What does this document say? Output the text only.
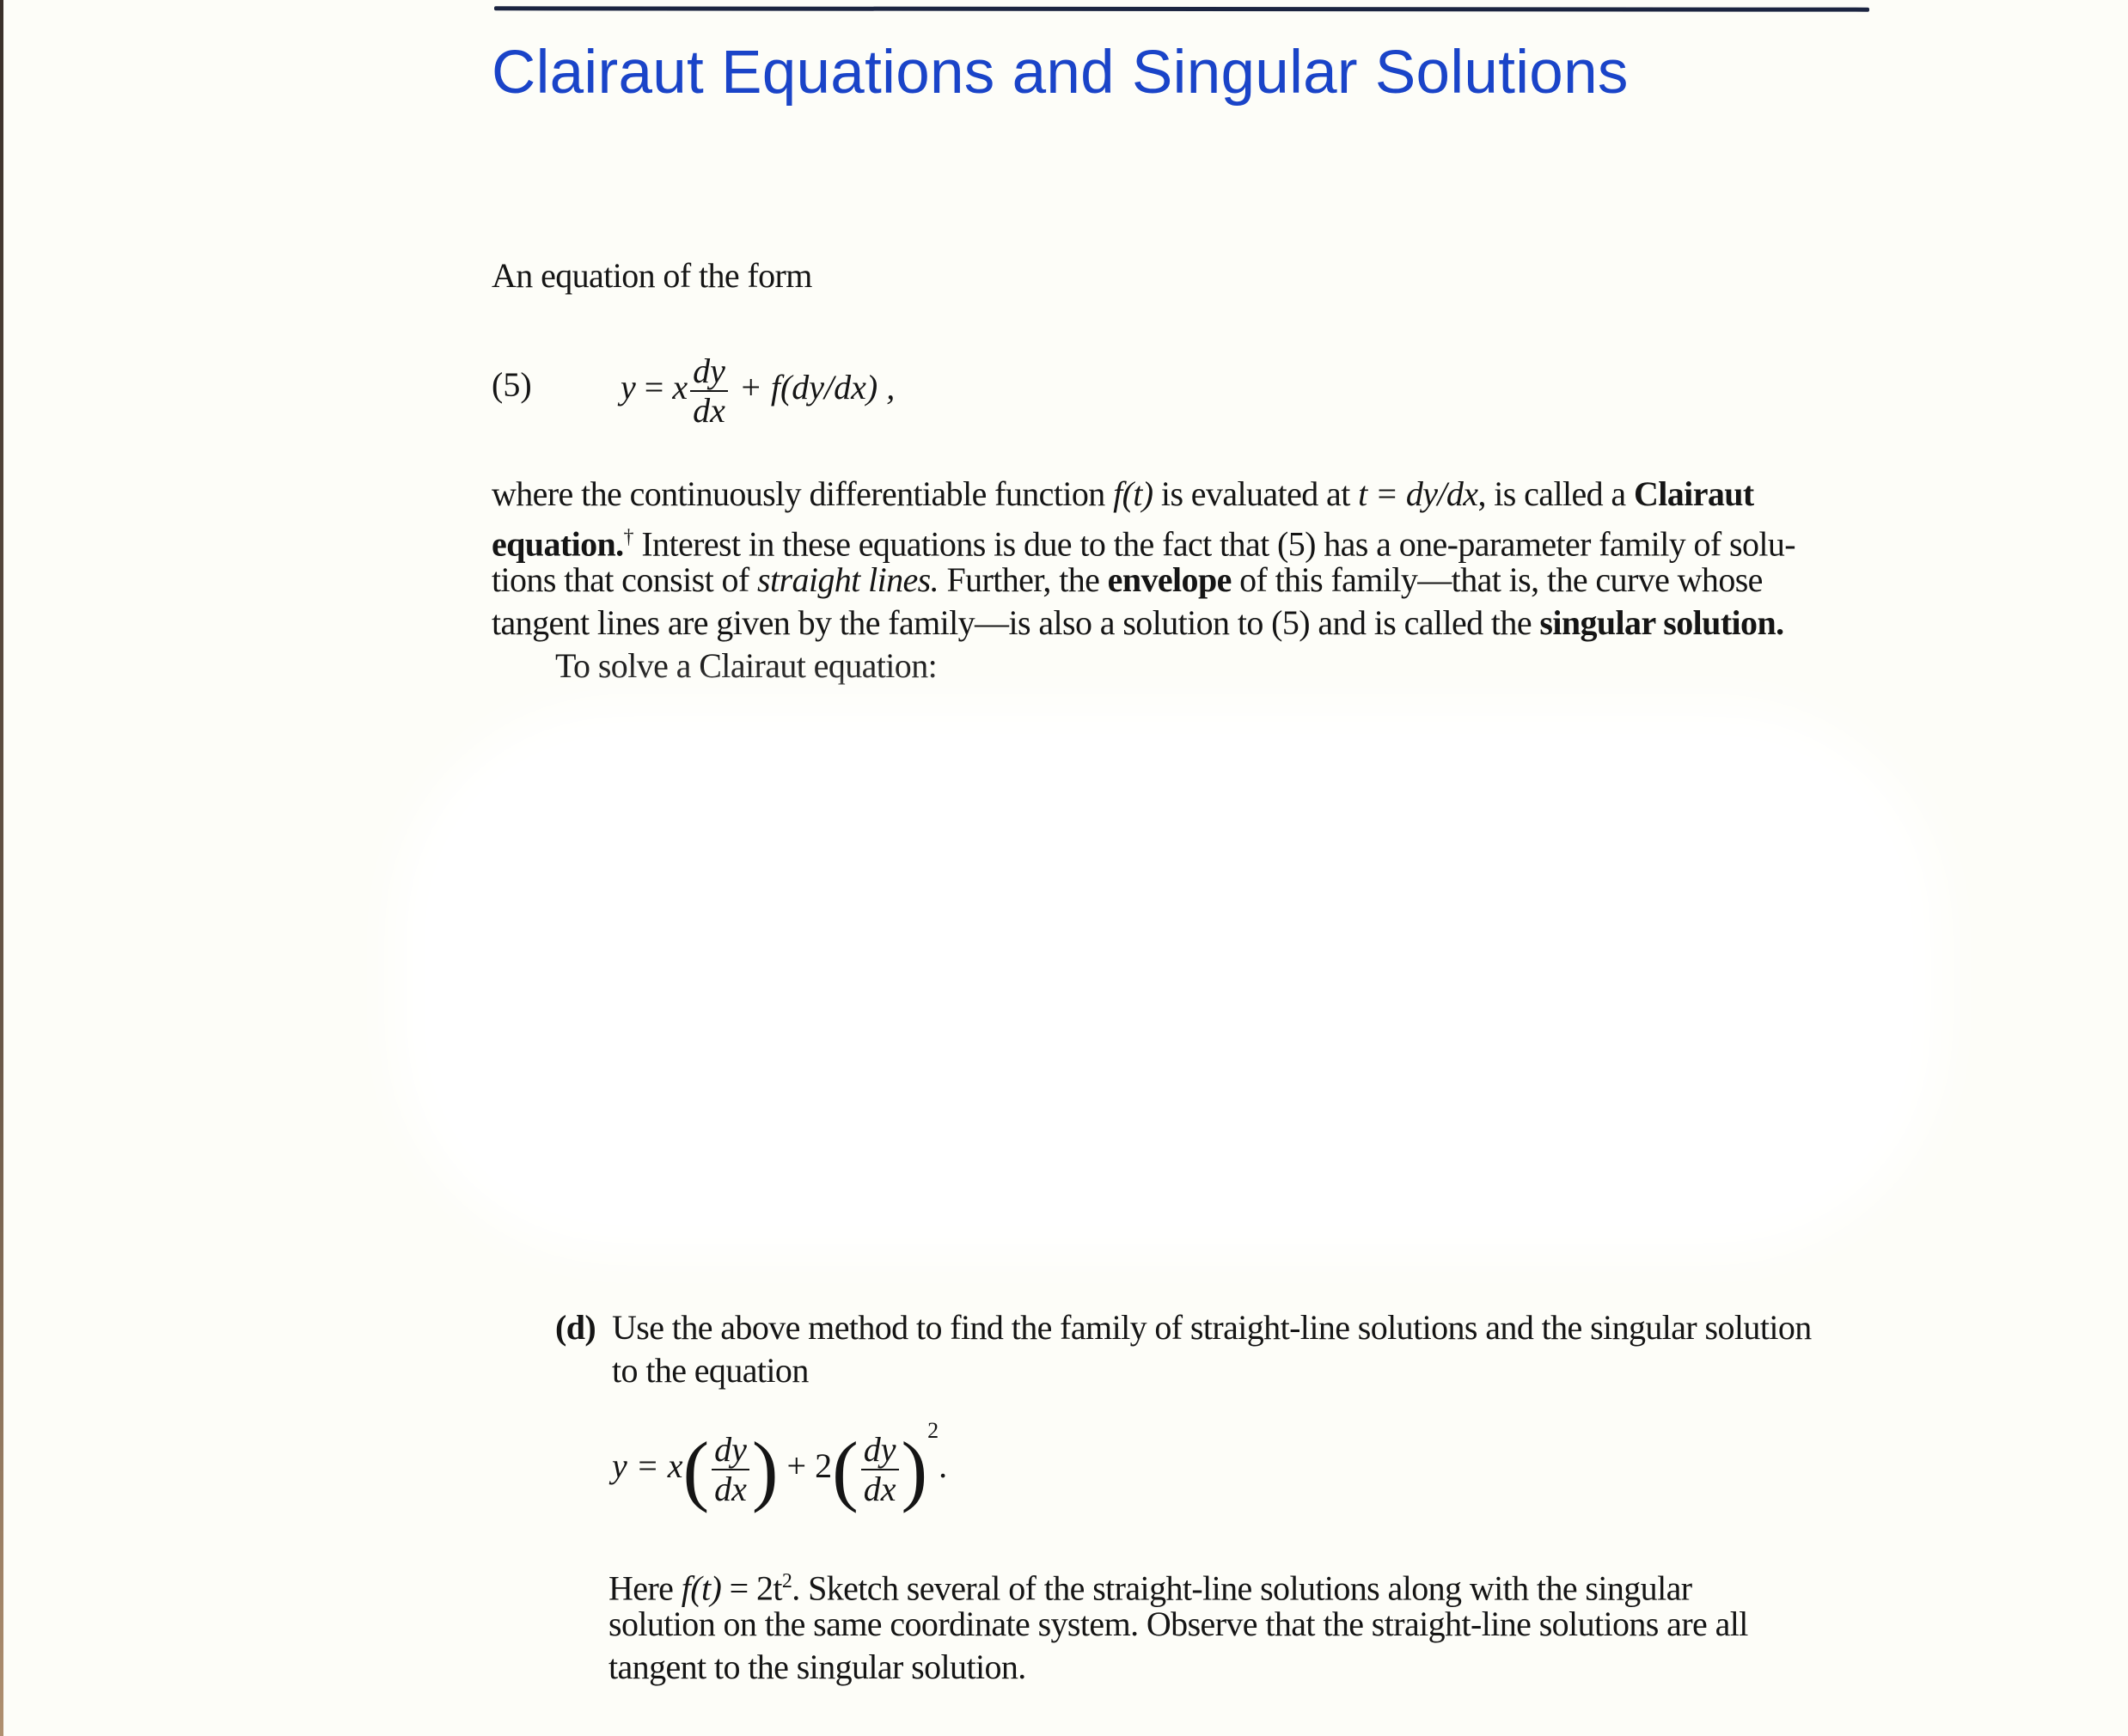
Clairaut Equations and Singular Solutions
An equation of the form
(5)	y = x $\frac{dy}{dx} + f(dy/dx)$ ,
where the continuously differentiable function f(t) is evaluated at t = dy/dx, is called a Clairaut
equation.† Interest in these equations is due to the fact that (5) has a one-parameter family of solu-
tions that consist of straight lines. Further, the envelope of this family—that is, the curve whose
tangent lines are given by the family—is also a solution to (5) and is called the singular solution.
To solve a Clairaut equation:
(d) Use the above method to find the family of straight-line solutions and the singular solution
to the equation
$y = x( \frac{dy}{dx}$ ) + $2( \frac{dy}{dx} )^2$.
Here $f(t) = 2t^2$. Sketch several of the straight-line solutions along with the singular
solution on the same coordinate system. Observe that the straight-line solutions are all
tangent to the singular solution.
